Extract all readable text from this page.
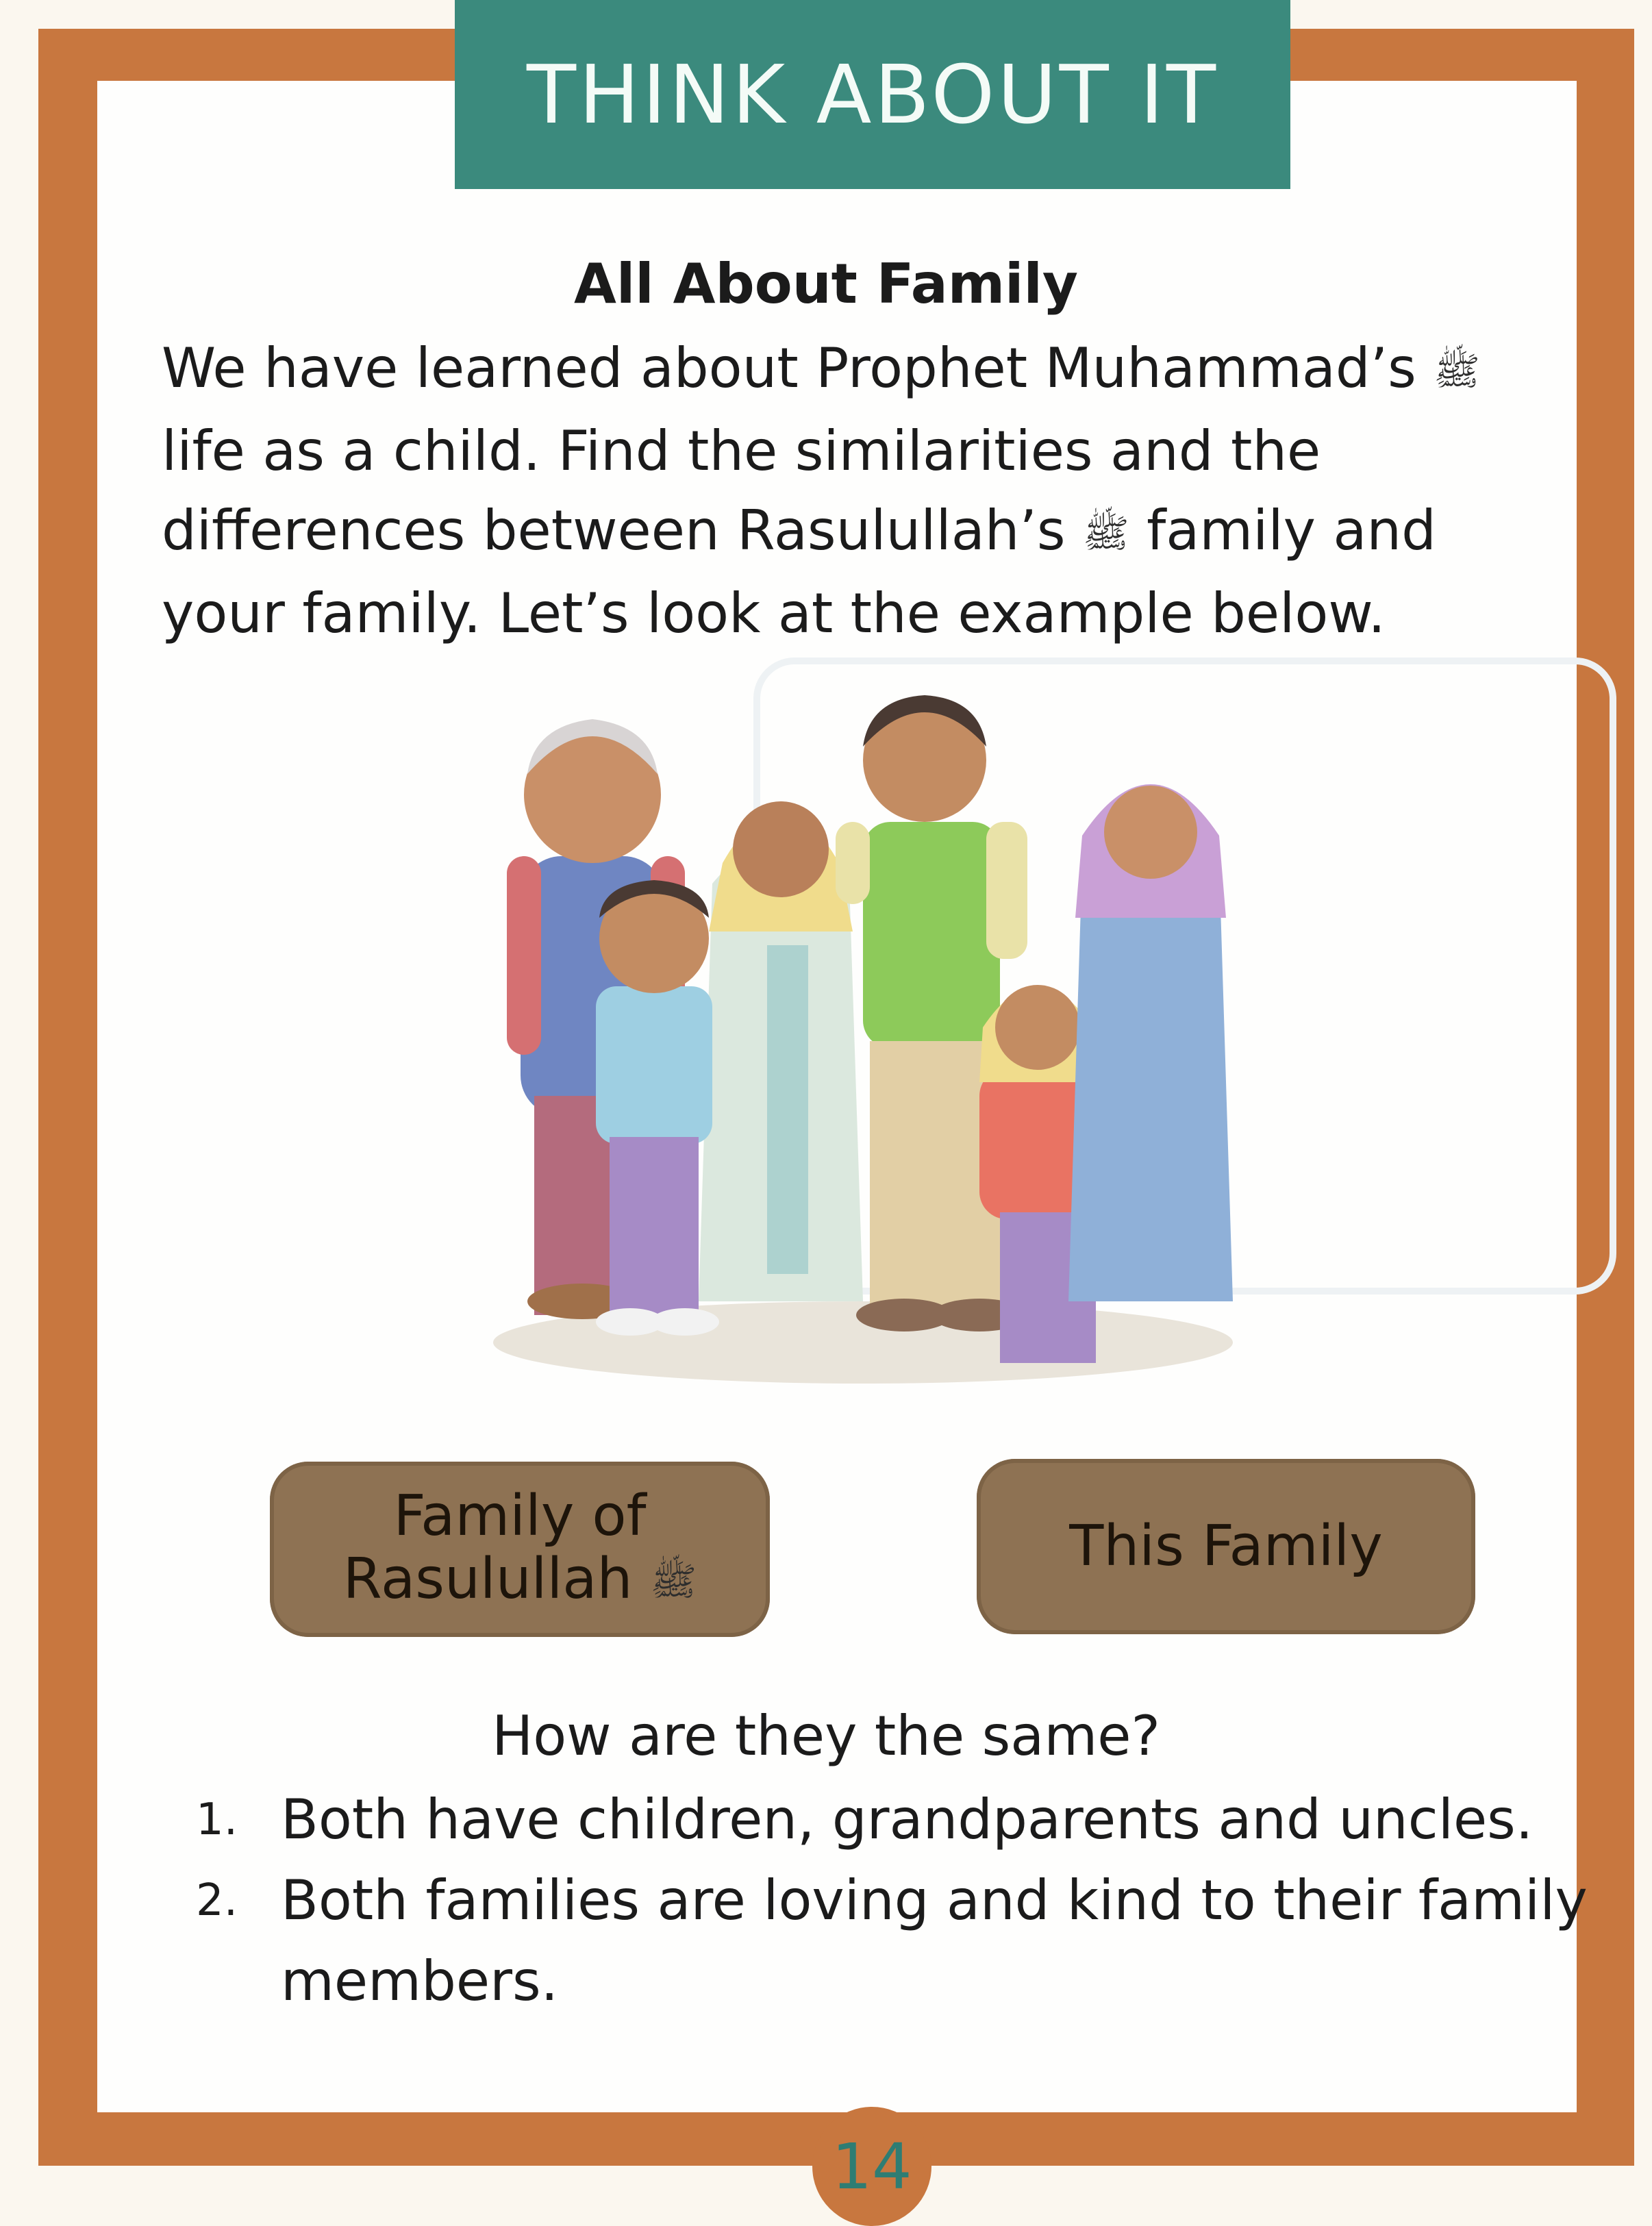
THINK ABOUT IT
All About Family
We have learned about Prophet Muhammad’s ﷺ
life as a child. Find the similarities and the
differences between Rasulullah’s ﷺ family and
your family. Let’s look at the example below.
Family of
Rasulullah ﷺ
This Family
How are they the same?
1. Both have children, grandparents and uncles.
2. Both families are loving and kind to their family members.
14
